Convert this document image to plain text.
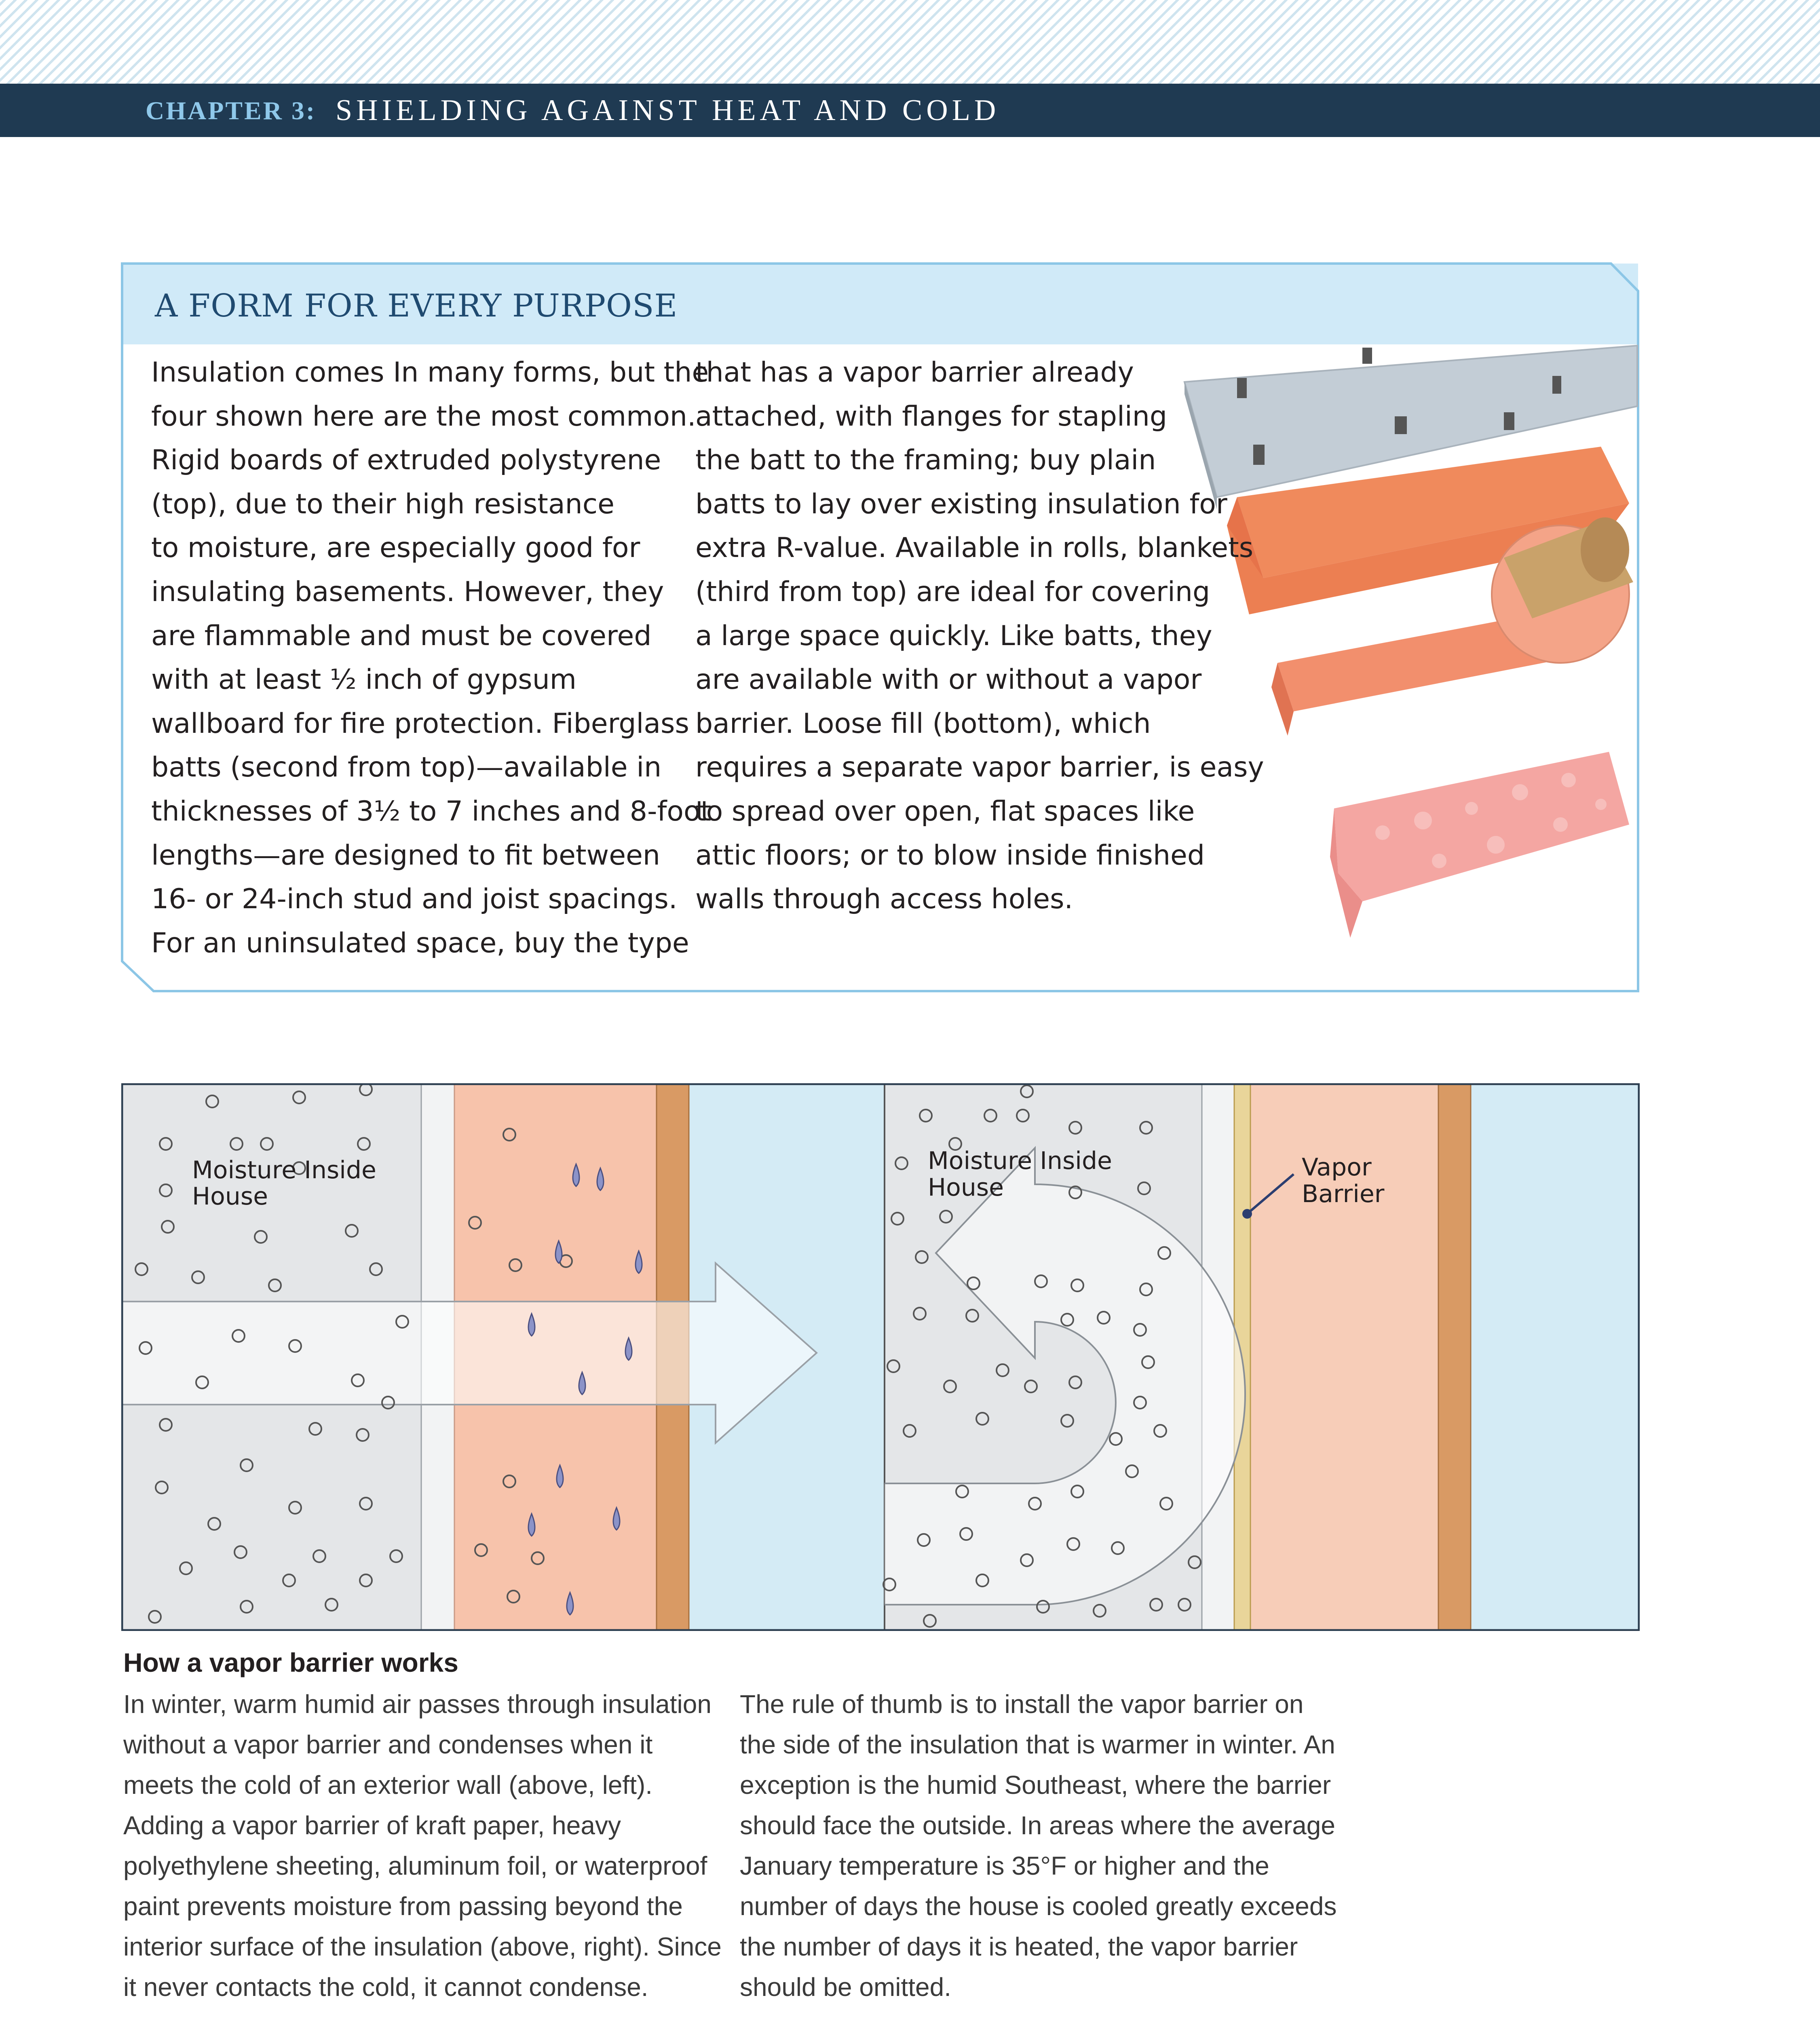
CHAPTER 3: SHIELDING AGAINST HEAT AND COLD
A FORM FOR EVERY PURPOSE
Insulation comes In many forms, but the
four shown here are the most common.
Rigid boards of extruded polystyrene
(top), due to their high resistance
to moisture, are especially good for
insulating basements. However, they
are flammable and must be covered
with at least ½ inch of gypsum
wallboard for fire protection. Fiberglass
batts (second from top)—available in
thicknesses of 3½ to 7 inches and 8-foot
lengths—are designed to fit between
16- or 24-inch stud and joist spacings.
For an uninsulated space, buy the type
that has a vapor barrier already
attached, with flanges for stapling
the batt to the framing; buy plain
batts to lay over existing insulation for
extra R-value. Available in rolls, blankets
(third from top) are ideal for covering
a large space quickly. Like batts, they
are available with or without a vapor
barrier. Loose fill (bottom), which
requires a separate vapor barrier, is easy
to spread over open, flat spaces like
attic floors; or to blow inside finished
walls through access holes.
Moisture Inside
House
Moisture Inside
House
Vapor
Barrier
How a vapor barrier works
In winter, warm humid air passes through insulation
without a vapor barrier and condenses when it
meets the cold of an exterior wall (above, left).
Adding a vapor barrier of kraft paper, heavy
polyethylene sheeting, aluminum foil, or waterproof
paint prevents moisture from passing beyond the
interior surface of the insulation (above, right). Since
it never contacts the cold, it cannot condense.
The rule of thumb is to install the vapor barrier on
the side of the insulation that is warmer in winter. An
exception is the humid Southeast, where the barrier
should face the outside. In areas where the average
January temperature is 35°F or higher and the
number of days the house is cooled greatly exceeds
the number of days it is heated, the vapor barrier
should be omitted.
